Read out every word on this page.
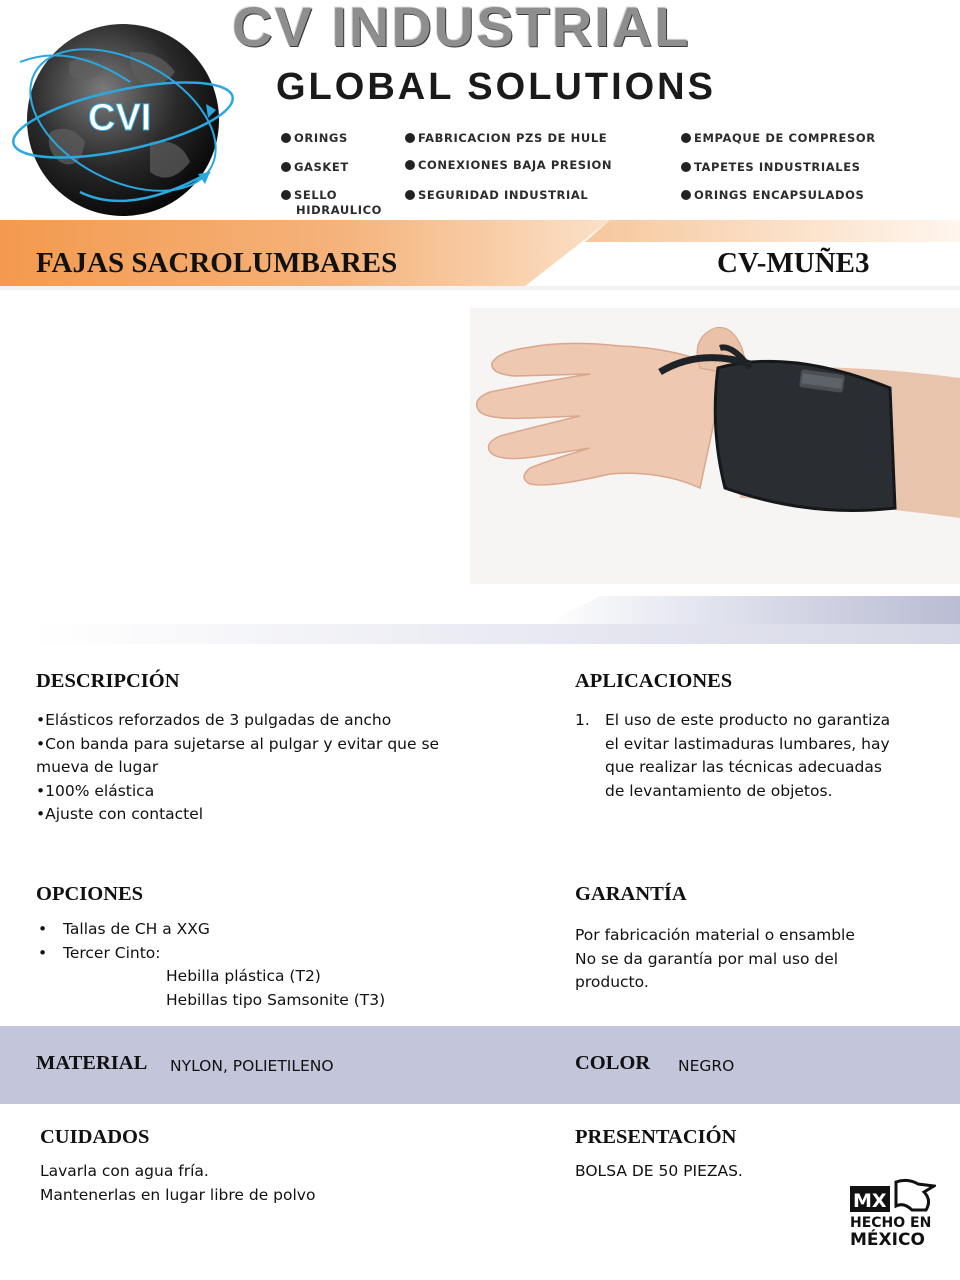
CVI
CV INDUSTRIAL
GLOBAL SOLUTIONS
ORINGS
GASKET
SELLO
HIDRAULICO
FABRICACION PZS DE HULE
CONEXIONES BAJA PRESION
SEGURIDAD INDUSTRIAL
EMPAQUE DE COMPRESOR
TAPETES INDUSTRIALES
ORINGS ENCAPSULADOS
FAJAS SACROLUMBARES	CV-MUÑE3
DESCRIPCIÓN

•Elásticos reforzados de 3 pulgadas de ancho

•Con banda para sujetarse al pulgar y evitar que se mueva de lugar

•100% elástica

•Ajuste con contactel

APLICACIONES
1. El uso de este producto no garantiza el evitar lastimaduras lumbares, hay que realizar las técnicas adecuadas de levantamiento de objetos.
OPCIONES
• Tallas de CH a XXG
• Tercer Cinto:

Hebilla plástica (T2)

Hebillas tipo Samsonite (T3)

GARANTÍA

Por fabricación material o ensamble

No se da garantía por mal uso del producto.

MATERIAL NYLON, POLIETILENO	COLOR NEGRO
CUIDADOS

Lavarla con agua fría.

Mantenerlas en lugar libre de polvo

PRESENTACIÓN
BOLSA DE 50 PIEZAS.
MX
HECHO EN
MÉXICO
